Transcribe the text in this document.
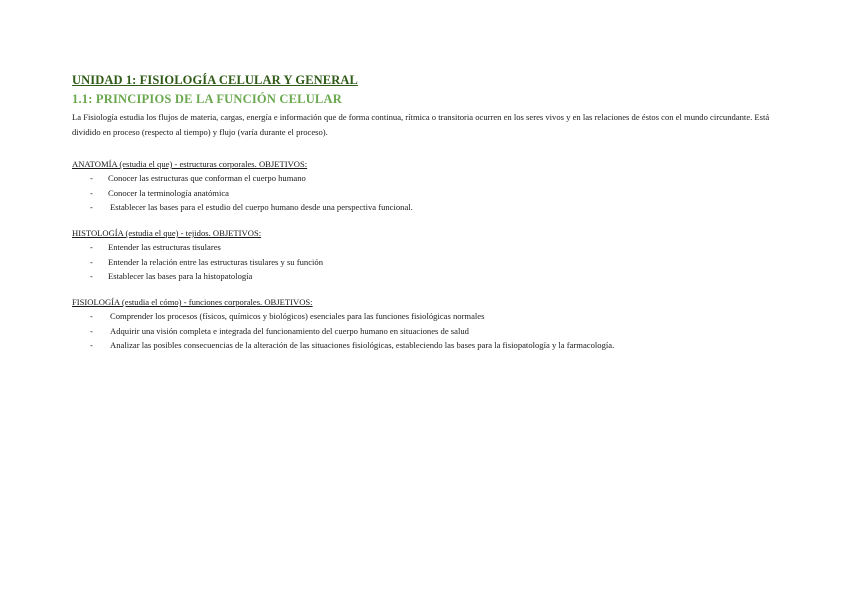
UNIDAD 1: FISIOLOGÍA CELULAR Y GENERAL
1.1: PRINCIPIOS DE LA FUNCIÓN CELULAR

La Fisiología estudia los flujos de materia, cargas, energía e información que de forma continua, rítmica o transitoria ocurren en los seres vivos y en las relaciones de éstos con el mundo circundante. Está dividido en proceso (respecto al tiempo) y flujo (varía durante el proceso).

ANATOMÍA (estudia el que) - estructuras corporales. OBJETIVOS:
- Conocer las estructuras que conforman el cuerpo humano
- Conocer la terminología anatómica
- Establecer las bases para el estudio del cuerpo humano desde una perspectiva funcional.
HISTOLOGÍA (estudia el que) - tejidos. OBJETIVOS:
- Entender las estructuras tisulares
- Entender la relación entre las estructuras tisulares y su función
- Establecer las bases para la histopatología
FISIOLOGÍA (estudia el cómo) - funciones corporales. OBJETIVOS:
- Comprender los procesos (físicos, químicos y biológicos) esenciales para las funciones fisiológicas normales
- Adquirir una visión completa e integrada del funcionamiento del cuerpo humano en situaciones de salud
- Analizar las posibles consecuencias de la alteración de las situaciones fisiológicas, estableciendo las bases para la fisiopatología y la farmacología.
